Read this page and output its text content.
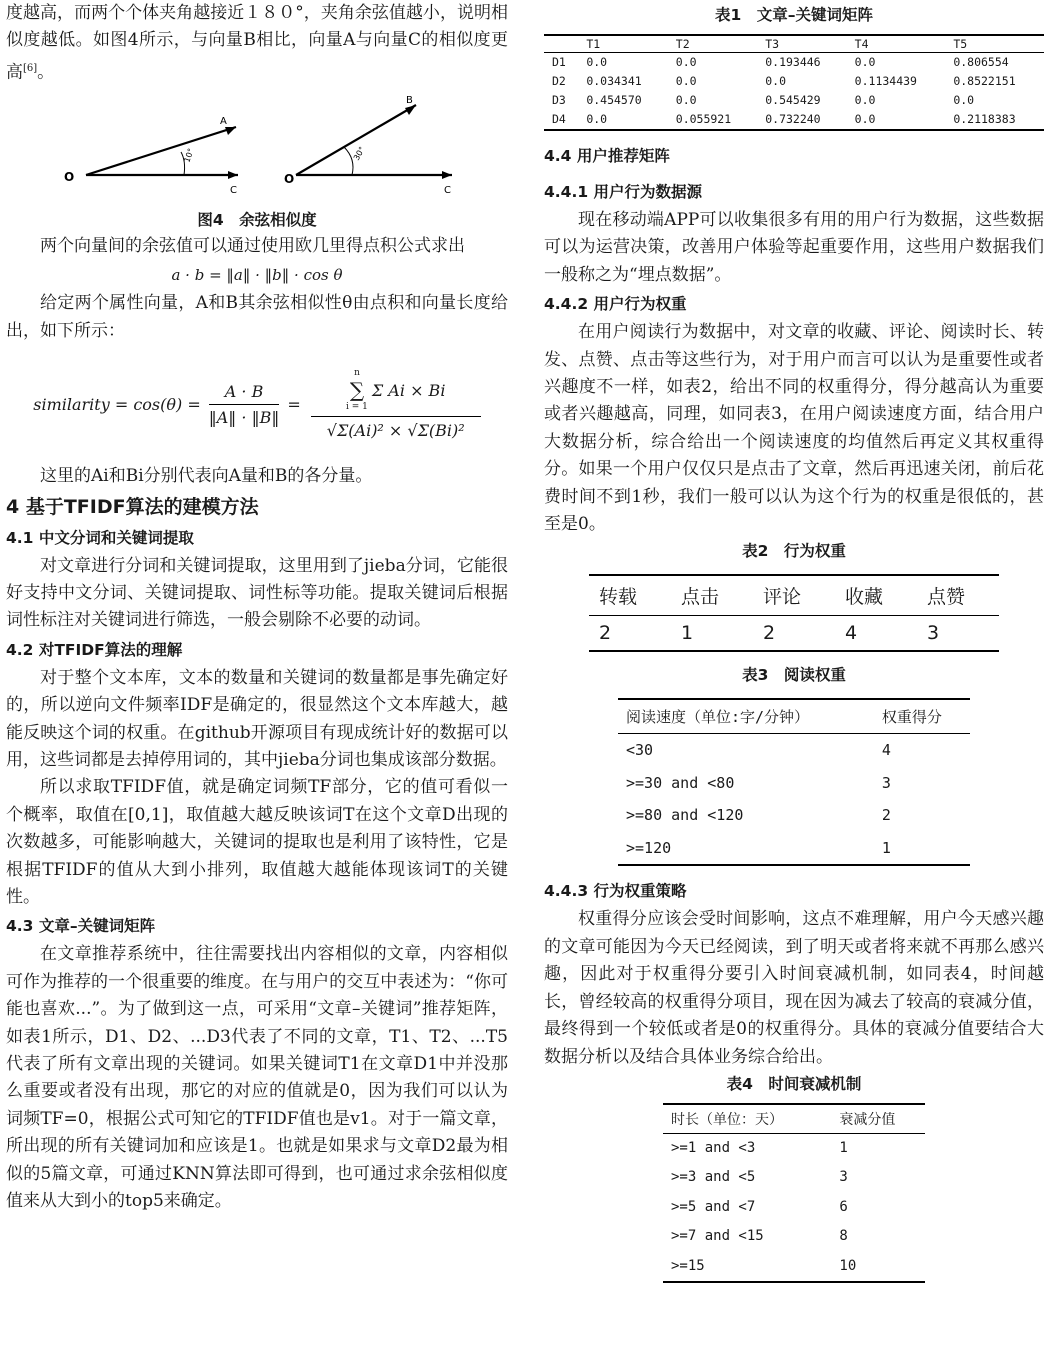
度越高，而两个个体夹角越接近１８０°，夹角余弦值越小，说明相似度越低。如图4所示，与向量B相比，向量A与向量C的相似度更高[6]。

O
A
C
10°
O
B
C
30°
图4　余弦相似度

两个向量间的余弦值可以通过使用欧几里得点积公式求出

a · b = ‖a‖ · ‖b‖ · cos θ

给定两个属性向量，A和B其余弦相似性θ由点积和向量长度给出，如下所示：

similarity = cos(θ) =
A · B
‖A‖ · ‖B‖
=
n
∑
i = 1
Σ Ai × Bi
√Σ(Ai)² × √Σ(Bi)²

这里的Ai和Bi分别代表向A量和B的各分量。

4 基于TFIDF算法的建模方法
4.1 中文分词和关键词提取

对文章进行分词和关键词提取，这里用到了jieba分词，它能很好支持中文分词、关键词提取、词性标等功能。提取关键词后根据词性标注对关键词进行筛选，一般会剔除不必要的动词。

4.2 对TFIDF算法的理解

对于整个文本库，文本的数量和关键词的数量都是事先确定好的，所以逆向文件频率IDF是确定的，很显然这个文本库越大，越能反映这个词的权重。在github开源项目有现成统计好的数据可以用，这些词都是去掉停用词的，其中jieba分词也集成该部分数据。

所以求取TFIDF值，就是确定词频TF部分，它的值可看似一个概率，取值在[0,1]，取值越大越反映该词T在这个文章D出现的次数越多，可能影响越大，关键词的提取也是利用了该特性，它是根据TFIDF的值从大到小排列，取值越大越能体现该词T的关键性。

4.3 文章–关键词矩阵

在文章推荐系统中，往往需要找出内容相似的文章，内容相似可作为推荐的一个很重要的维度。在与用户的交互中表述为：“你可能也喜欢...”。为了做到这一点，可采用“文章–关键词”推荐矩阵，如表1所示，D1、D2、...D3代表了不同的文章，T1、T2、...T5代表了所有文章出现的关键词。如果关键词T1在文章D1中并没那么重要或者没有出现，那它的对应的值就是0，因为我们可以认为词频TF=0，根据公式可知它的TFIDF值也是v1。对于一篇文章，所出现的所有关键词加和应该是1。也就是如果求与文章D2最为相似的5篇文章，可通过KNN算法即可得到，也可通过求余弦相似度值来从大到小的top5来确定。

表1　文章–关键词矩阵
	T1	T2	T3	T4	T5
D1	0.0	0.0	0.193446	0.0	0.806554
D2	0.034341	0.0	0.0	0.1134439	0.8522151
D3	0.454570	0.0	0.545429	0.0	0.0
D4	0.0	0.055921	0.732240	0.0	0.2118383
4.4 用户推荐矩阵
4.4.1 用户行为数据源

现在移动端APP可以收集很多有用的用户行为数据，这些数据可以为运营决策，改善用户体验等起重要作用，这些用户数据我们一般称之为“埋点数据”。

4.4.2 用户行为权重

在用户阅读行为数据中，对文章的收藏、评论、阅读时长、转发、点赞、点击等这些行为，对于用户而言可以认为是重要性或者兴趣度不一样，如表2，给出不同的权重得分，得分越高认为重要或者兴趣越高，同理，如同表3，在用户阅读速度方面，结合用户大数据分析，综合给出一个阅读速度的均值然后再定义其权重得分。如果一个用户仅仅只是点击了文章，然后再迅速关闭，前后花费时间不到1秒，我们一般可以认为这个行为的权重是很低的，甚至是0。

表2　行为权重
转载	点击	评论	收藏	点赞
2	1	2	4	3
表3　阅读权重
阅读速度（单位:字/分钟）	权重得分
<30	4
>=30 and <80	3
>=80 and <120	2
>=120	1
4.4.3 行为权重策略

权重得分应该会受时间影响，这点不难理解，用户今天感兴趣的文章可能因为今天已经阅读，到了明天或者将来就不再那么感兴趣，因此对于权重得分要引入时间衰减机制，如同表4，时间越长，曾经较高的权重得分项目，现在因为减去了较高的衰减分值，最终得到一个较低或者是0的权重得分。具体的衰减分值要结合大数据分析以及结合具体业务综合给出。

表4　时间衰减机制
时长（单位：天）	衰减分值
>=1 and <3	1
>=3 and <5	3
>=5 and <7	6
>=7 and <15	8
>=15	10
